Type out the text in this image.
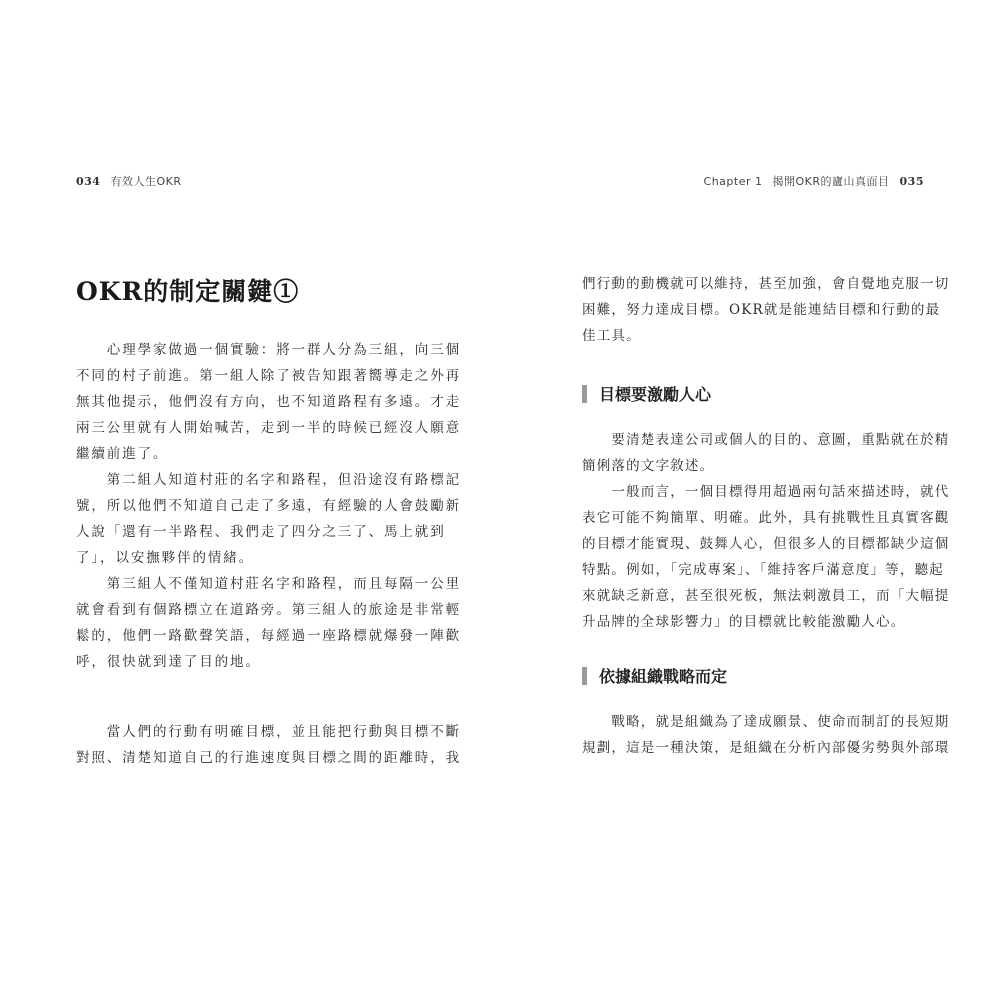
034 有效人生OKR
OKR的制定關鍵①
　　心理學家做過一個實驗：將一群人分為三組，向三個
不同的村子前進。第一組人除了被告知跟著嚮導走之外再
無其他提示，他們沒有方向，也不知道路程有多遠。才走
兩三公里就有人開始喊苦，走到一半的時候已經沒人願意
繼續前進了。
　　第二組人知道村莊的名字和路程，但沿途沒有路標記
號，所以他們不知道自己走了多遠，有經驗的人會鼓勵新
人說「還有一半路程、我們走了四分之三了、馬上就到
了」，以安撫夥伴的情緒。
　　第三組人不僅知道村莊名字和路程，而且每隔一公里
就會看到有個路標立在道路旁。第三組人的旅途是非常輕
鬆的，他們一路歡聲笑語，每經過一座路標就爆發一陣歡
呼，很快就到達了目的地。
　　當人們的行動有明確目標，並且能把行動與目標不斷
對照、清楚知道自己的行進速度與目標之間的距離時，我
Chapter 1 揭開OKR的廬山真面目 035
們行動的動機就可以維持，甚至加強，會自覺地克服一切
困難，努力達成目標。OKR就是能連結目標和行動的最
佳工具。
目標要激勵人心
　　要清楚表達公司或個人的目的、意圖，重點就在於精
簡俐落的文字敘述。
　　一般而言，一個目標得用超過兩句話來描述時，就代
表它可能不夠簡單、明確。此外，具有挑戰性且真實客觀
的目標才能實現、鼓舞人心，但很多人的目標都缺少這個
特點。例如，「完成專案」、「維持客戶滿意度」等，聽起
來就缺乏新意，甚至很死板，無法刺激員工，而「大幅提
升品牌的全球影響力」的目標就比較能激勵人心。
依據組織戰略而定
　　戰略，就是組織為了達成願景、使命而制訂的長短期
規劃，這是一種決策，是組織在分析內部優劣勢與外部環
